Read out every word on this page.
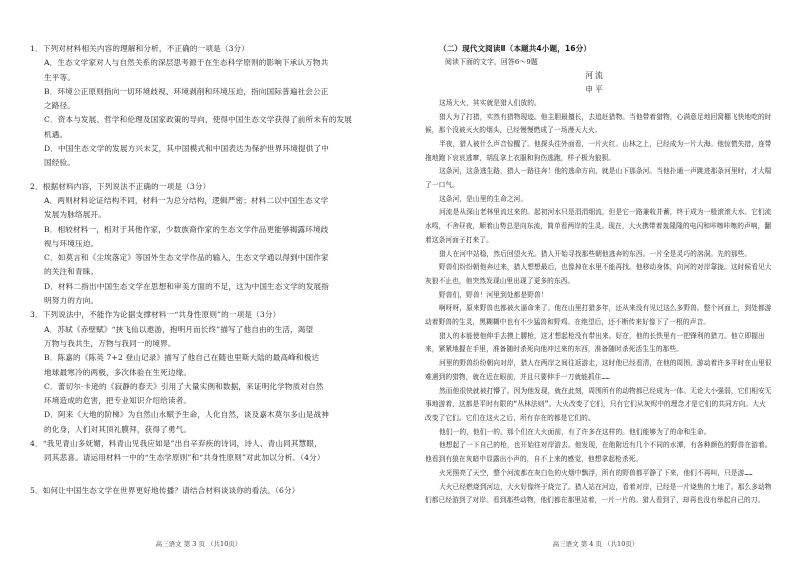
1．下列对材料相关内容的理解和分析，不正确的一项是（3分）

A．生态文学家对人与自然关系的深层思考源于在生态科学原则的影响下承认万物共

生平等。

B．环境公正原则指向一切环境歧视、环境剥削和环境压迫，指向国际普遍社会公正

之路径。

C．资本与发展、哲学和伦理及国家政策的导向，使得中国生态文学获得了前所未有的发展

机遇。

D．中国生态文学的发展方兴未艾，其中国模式和中国表达为保护世界环境提供了中

国经验。

2．根据材料内容，下列说法不正确的一项是（3分）

A．两则材料论证结构不同，材料一为总分结构，逻辑严密；材料二以中国生态文学

发展为脉络展开。

B．相较材料一，相对于其他作家，少数族裔作家的生态文学作品更能够揭露环境歧

视与环境压迫。

C．如莫言和《尘埃落定》等国外生态文学作品的输入，生态文学通以得到中国作家

的关注和青睐。

D．材料二指出中国生态文学在思想和审美方面的不足，这为中国生态文学的发展指

明努力的方向。

3．下列说法中，不能作为论据支撑材料一“共身性原则”的一项是（3分）

A．苏轼《赤壁赋》“挟飞仙以遨游，抱明月而长终”描写了他自由的生活，渴望

万物与我共生，万物与我同一的境界。

B．陈嘉的《陈英 7+2 登山记录》描写了他自己在随也里斯大陆的最高峰和极达

地球最寒冷的两极，多次体验在生死边缘。

C．蕾切尔·卡逊的《寂静的春天》引用了大量实例和数据，来证明化学物质对自然

环境造成的危害，把专业知识介绍给读者。

D．阿来《大地的阶梯》为自然山水赋予生命，人化自然，谈及嘉木莫尔多山是战神

的化身，人们对其顶礼膜拜，获得了勇气。

4．“我见青山多妩媚，料青山见我应如是”出自辛弃疾的诗词，诗人、青山同其慧眼，

同其悲喜。请运用材料一中的“生态学原则”和“共身性原则”对此加以分析。（4分）

5．如何让中国生态文学在世界更好地传播？请结合材料谈谈你的看法。（6分）

高三语文 第 3 页 （共10页）

（二）现代文阅读Ⅱ（本题共4小题，16分）

阅读下面的文字，回答6～9题

河流

申平

这场大火，其实就是猎人们放的。

猎人为了打猎，实然有猎物现迹。他主胆最擅长，去追赶猎物。当他带着猎物，心满意足地回窝棚飞快地吃的时候，那个没被灭火的烟头，已经慢慢燃成了一场漫天大火。

半夜，猎人被什么声音惊醒了。他探头往外面看，一片火红。山林之上，已经成为一片大海。他惊慌失措，连带拖地跑下哀哀逃窜，胡乱拿上衣服和狗伤逃跑，样子极为狼狈。

这条河，这条逃生路，猎人一路往奔！他的逃命方向，就是山下那条河。当他扑通一声跳进那条河里时，才大喘了一口气。

这条河，是山里的生命之河。

河流是从深山老林里流过来的。起初河水只是涓涓细流，但是它一路兼收并蓄，终于成为一般滚滚大水。它们流水鸣，不舍昼夜，顺着山势总是向东流，简单看两岸的生灵。现在，大火携带着轰隆隆的电闪和咔嚓咔嚓的声响，翻着这条河面子打来了。

猎人在河中站稳，然后回望火光。猎人开始寻找那些朝他逃奔的东西。一片全是灵巧的溶洞。先的那些。

野兽们纷纷朝他奔过来，猎人想想最后，也像掉在水里不能再找。他移动身体，向河的对岸靠拢。这时候看见大灰狼不止也，他突然发现山里出现了更多的东西。

野兽们，野兽！河里到处都是野兽！

啊呀呀，原来野兽也都被火逼命来了。他在山里打猎多年，还从来没有见过这么多野兽。整个河面上，到处都游动着野兽的生灵，黑糊糊中也有不少猛兽和野鸡。在绝望后，还不断传来好像下了一根的声音。

猎人的本能使他伸手去摸上腰枪，这才想起枪没有带出来。好在，他的长铁里有一把锋利的猎刀。他立即握出来，紧紧地握在手里，准备随时杀死向他冲过来的东西，准备随时杀死活生生的那些。

河里的野兽纷纷朝向对岸，猎人在两岸之间往返游走，这时他已经看清，在他的周围，游动着许多平时在山里很难遇到的猎物，就在近在眼前，并且只要伸手一刀就能抓住……

然而他很快就被打懵了。因为他发现，就在此刻，周围所有的动物都已经成为一体。无论大小强弱，它们相安无事地游着，这都是平时有限的“丛林法则”。大火改变了它们，只有它们从灰烬中的理念才是它们的共同方向。大火改变了它们。它们在这火之后，所有存在的都是它们的。

他们一的，他们一的。那个们在大火面前，有了许多在这样的。他们能够为了的命和生命。

他想起了一下自己的枪，也开始往对岸游去。他发现，在他附近有几个不同的水潭，有各种颜色的野兽在游着。他看到有狼在灰暗中显露出小声的，自不上来的感觉，他想拿起枪杀死。

火光照亮了天空，整个河流都在灰白色的火烟中飘浮，所有的野兽都平静了下来，他们不再叫，只是游……

大火已经燃烧到河边，大火好像终于烧完了。猎人站在河边，看着对岸，已经是一片烧焦的土地了。那么多动物们都已经游到了对岸。看到那些动物，他们都在那里站着，一片一片的。猎人看到了，却再也没有举起自己的刀。

高三语文 第 4 页 （共10页）
